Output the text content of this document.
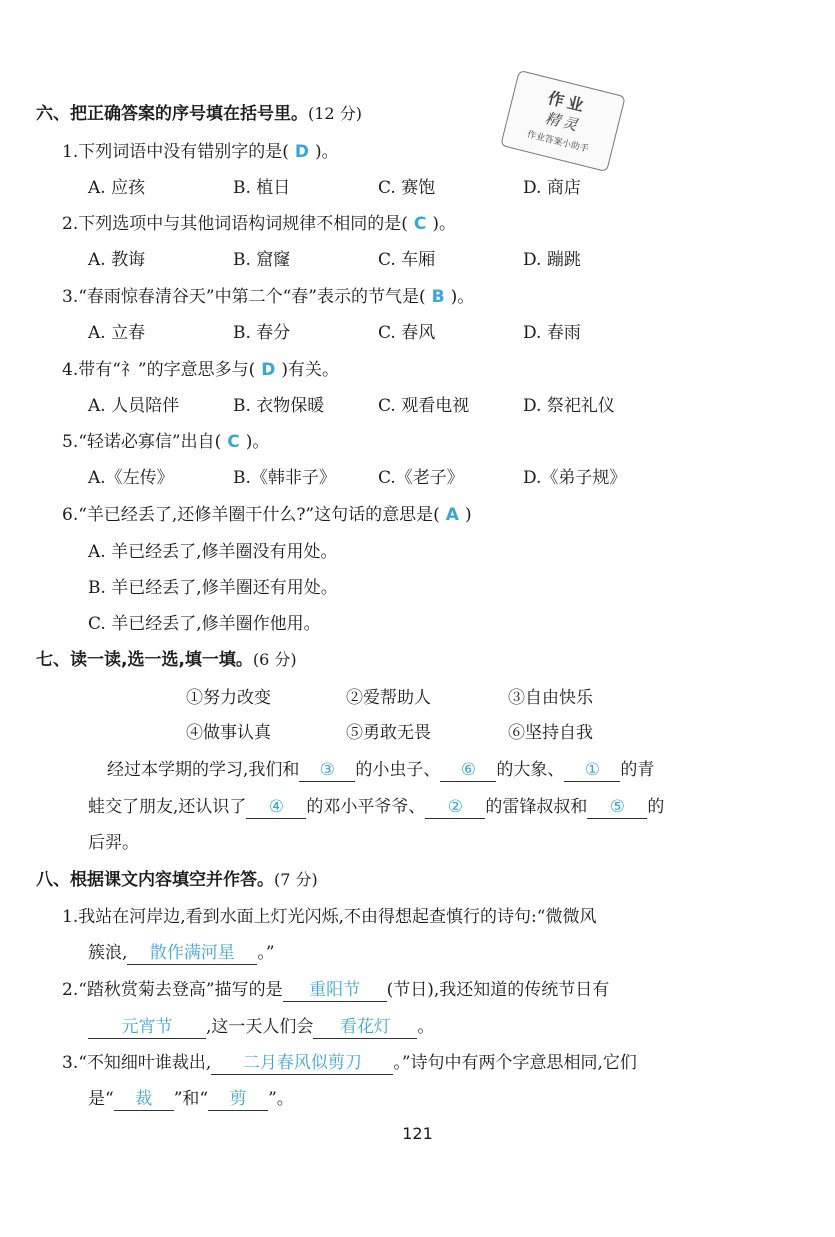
作业
精灵
作业答案小助手
六、把正确答案的序号填在括号里。(12 分)
1.下列词语中没有错别字的是( D )。
A. 应孩	B. 植日	C. 赛饱	D. 商店
2.下列选项中与其他词语构词规律不相同的是( C )。
A. 教诲	B. 窟窿	C. 车厢	D. 蹦跳
3.“春雨惊春清谷天”中第二个“春”表示的节气是( B )。
A. 立春	B. 春分	C. 春风	D. 春雨
4.带有“礻”的字意思多与( D )有关。
A. 人员陪伴	B. 衣物保暖	C. 观看电视	D. 祭祀礼仪
5.“轻诺必寡信”出自( C )。
A.《左传》	B.《韩非子》 C.《老子》	D.《弟子规》
6.“羊已经丢了,还修羊圈干什么?”这句话的意思是( A )
A. 羊已经丢了,修羊圈没有用处。
B. 羊已经丢了,修羊圈还有用处。
C. 羊已经丢了,修羊圈作他用。
七、读一读,选一选,填一填。(6 分)
①努力改变	②爱帮助人	③自由快乐
④做事认真	⑤勇敢无畏	⑥坚持自我
经过本学期的学习,我们和 ③ 的小虫子、 ⑥ 的大象、 ① 的青
蛙交了朋友,还认识了 ④ 的邓小平爷爷、 ② 的雷锋叔叔和 ⑤ 的
后羿。
八、根据课文内容填空并作答。(7 分)
1.我站在河岸边,看到水面上灯光闪烁,不由得想起查慎行的诗句:“微微风
簇浪, 散作满河星 。”
2.“踏秋赏菊去登高”描写的是 重阳节 (节日),我还知道的传统节日有
元宵节 ,这一天人们会 看花灯 。
3.“不知细叶谁裁出, 二月春风似剪刀 。”诗句中有两个字意思相同,它们
是“ 裁 ”和“ 剪 ”。
121
